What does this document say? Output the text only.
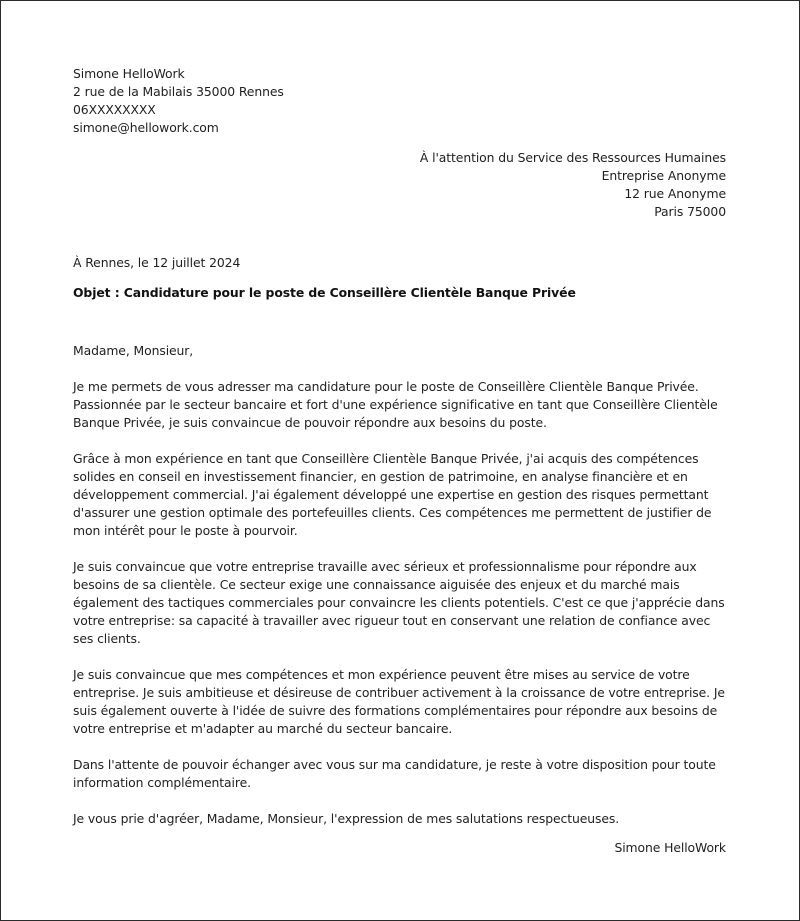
Simone HelloWork
2 rue de la Mabilais 35000 Rennes
06XXXXXXXX
simone@hellowork.com
À l'attention du Service des Ressources Humaines
Entreprise Anonyme
12 rue Anonyme
Paris 75000
À Rennes, le 12 juillet 2024
Objet : Candidature pour le poste de Conseillère Clientèle Banque Privée

Madame, Monsieur,

Je me permets de vous adresser ma candidature pour le poste de Conseillère Clientèle Banque Privée. Passionnée par le secteur bancaire et fort d'une expérience significative en tant que Conseillère Clientèle Banque Privée, je suis convaincue de pouvoir répondre aux besoins du poste.

Grâce à mon expérience en tant que Conseillère Clientèle Banque Privée, j'ai acquis des compétences solides en conseil en investissement financier, en gestion de patrimoine, en analyse financière et en développement commercial. J'ai également développé une expertise en gestion des risques permettant d'assurer une gestion optimale des portefeuilles clients. Ces compétences me permettent de justifier de mon intérêt pour le poste à pourvoir.

Je suis convaincue que votre entreprise travaille avec sérieux et professionnalisme pour répondre aux besoins de sa clientèle. Ce secteur exige une connaissance aiguisée des enjeux et du marché mais également des tactiques commerciales pour convaincre les clients potentiels. C'est ce que j'apprécie dans votre entreprise: sa capacité à travailler avec rigueur tout en conservant une relation de confiance avec ses clients.

Je suis convaincue que mes compétences et mon expérience peuvent être mises au service de votre entreprise. Je suis ambitieuse et désireuse de contribuer activement à la croissance de votre entreprise. Je suis également ouverte à l'idée de suivre des formations complémentaires pour répondre aux besoins de votre entreprise et m'adapter au marché du secteur bancaire.

Dans l'attente de pouvoir échanger avec vous sur ma candidature, je reste à votre disposition pour toute information complémentaire.

Je vous prie d'agréer, Madame, Monsieur, l'expression de mes salutations respectueuses.

Simone HelloWork
